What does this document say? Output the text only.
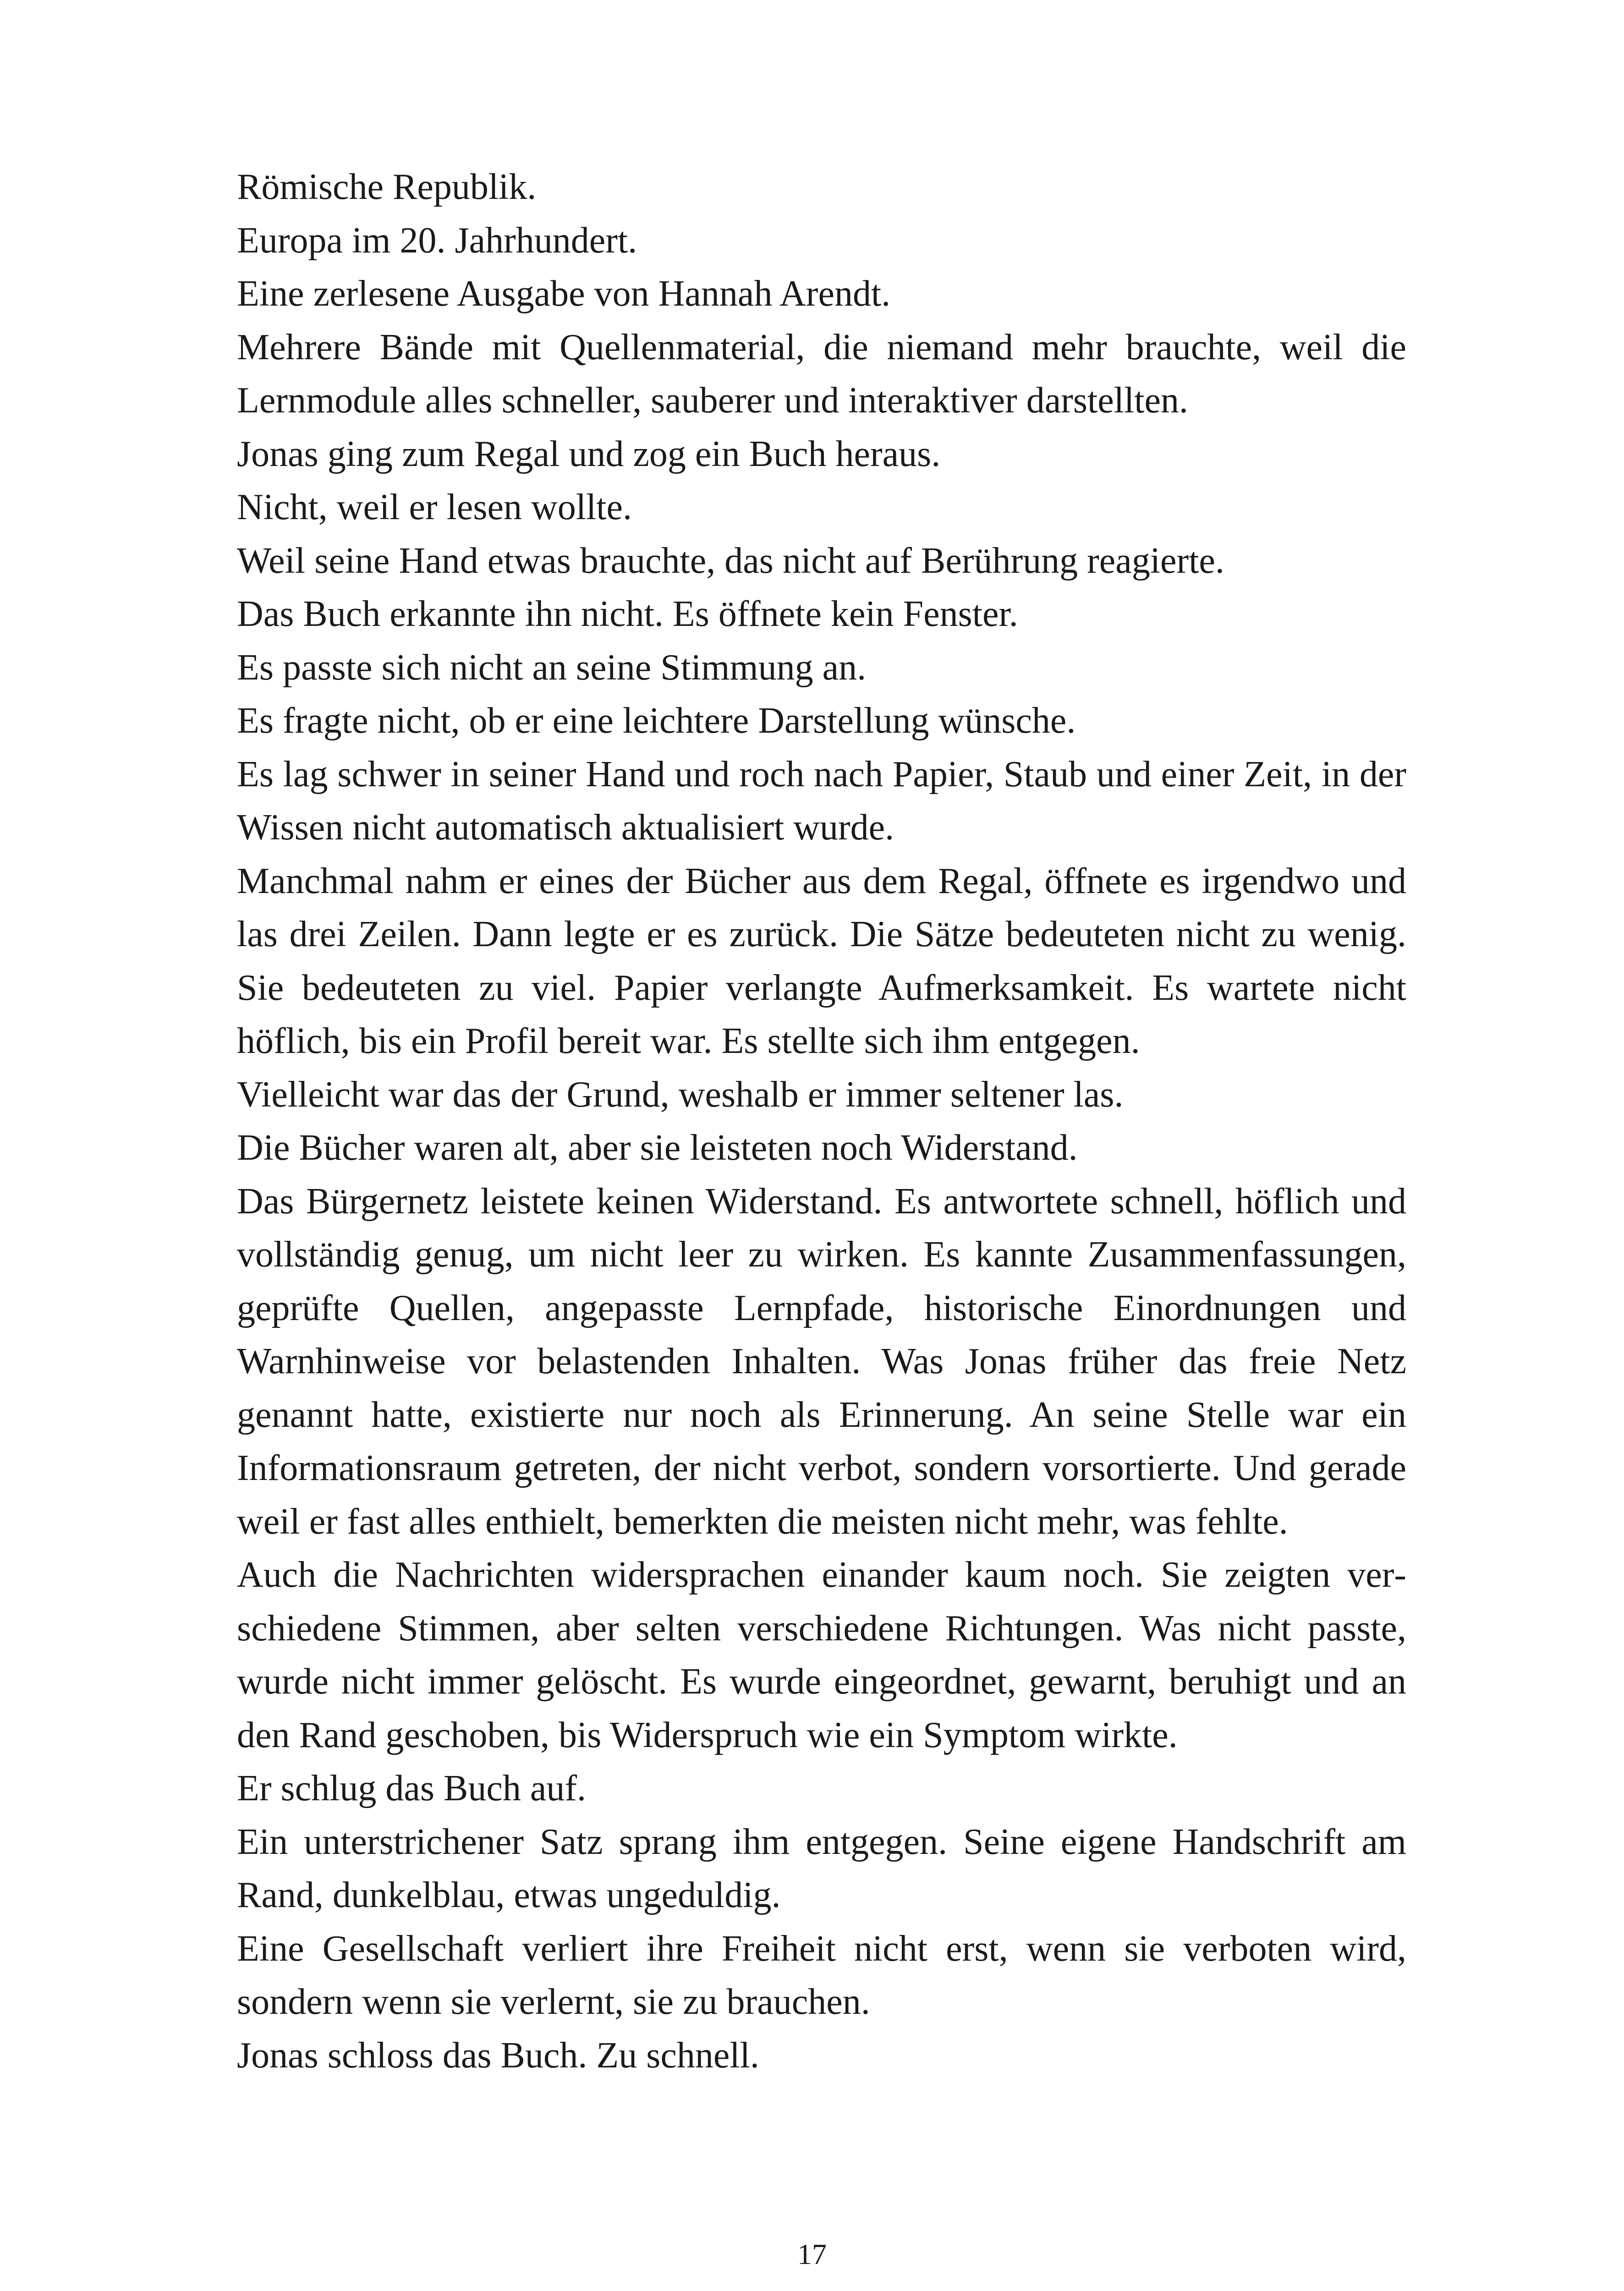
Römische Republik.

Europa im 20. Jahrhundert.

Eine zerlesene Ausgabe von Hannah Arendt.

Mehrere Bände mit Quellenmaterial, die niemand mehr brauchte, weil die Lernmodule alles schneller, sauberer und interaktiver darstellten.

Jonas ging zum Regal und zog ein Buch heraus.

Nicht, weil er lesen wollte.

Weil seine Hand etwas brauchte, das nicht auf Berührung reagierte.

Das Buch erkannte ihn nicht. Es öffnete kein Fenster.

Es passte sich nicht an seine Stimmung an.

Es fragte nicht, ob er eine leichtere Darstellung wünsche.

Es lag schwer in seiner Hand und roch nach Papier, Staub und einer Zeit, in der Wissen nicht automatisch aktualisiert wurde.

Manchmal nahm er eines der Bücher aus dem Regal, öffnete es irgendwo und las drei Zeilen. Dann legte er es zurück. Die Sätze bedeuteten nicht zu wenig. Sie bedeuteten zu viel. Papier verlangte Aufmerksamkeit. Es wartete nicht höflich, bis ein Profil bereit war. Es stellte sich ihm entgegen.

Vielleicht war das der Grund, weshalb er immer seltener las.

Die Bücher waren alt, aber sie leisteten noch Widerstand.

Das Bürgernetz leistete keinen Widerstand. Es antwortete schnell, höflich und vollständig genug, um nicht leer zu wirken. Es kannte Zusammenfassungen, geprüfte Quellen, angepasste Lernpfade, historische Einordnungen und Warnhinweise vor belastenden Inhalten. Was Jonas früher das freie Netz genannt hatte, existierte nur noch als Erinnerung. An seine Stelle war ein Informationsraum getreten, der nicht verbot, sondern vorsortierte. Und gerade weil er fast alles enthielt, bemerkten die meisten nicht mehr, was fehlte.

Auch die Nachrichten widersprachen einander kaum noch. Sie zeigten verschiedene Stimmen, aber selten verschiedene Richtungen. Was nicht passte, wurde nicht immer gelöscht. Es wurde eingeordnet, gewarnt, beruhigt und an den Rand geschoben, bis Widerspruch wie ein Symptom wirkte.

Er schlug das Buch auf.

Ein unterstrichener Satz sprang ihm entgegen. Seine eigene Handschrift am Rand, dunkelblau, etwas ungeduldig.

Eine Gesellschaft verliert ihre Freiheit nicht erst, wenn sie verboten wird, sondern wenn sie verlernt, sie zu brauchen.

Jonas schloss das Buch. Zu schnell.

17
